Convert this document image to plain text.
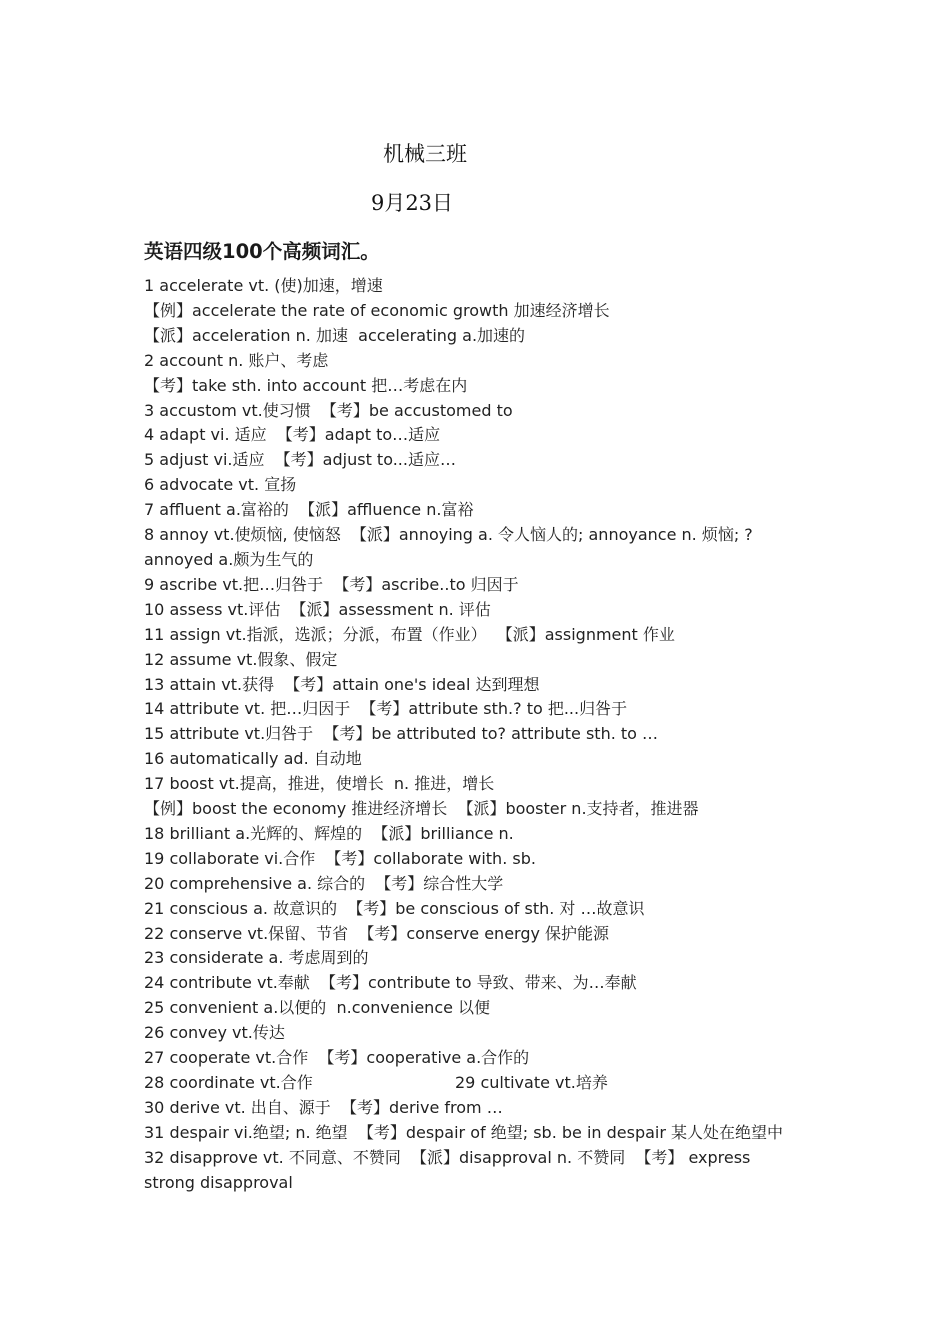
机械三班
9月23日
英语四级100个高频词汇。
1 accelerate vt. (使)加速，增速
【例】accelerate the rate of economic growth 加速经济增长
【派】acceleration n. 加速  accelerating a.加速的
2 account n. 账户、考虑
【考】take sth. into account 把…考虑在内
3 accustom vt.使习惯  【考】be accustomed to
4 adapt vi. 适应  【考】adapt to…适应
5 adjust vi.适应  【考】adjust to...适应…
6 advocate vt. 宣扬
7 affluent a.富裕的  【派】affluence n.富裕
8 annoy vt.使烦恼, 使恼怒  【派】annoying a. 令人恼人的; annoyance n. 烦恼; ? annoyed a.颇为生气的
9 ascribe vt.把…归咎于  【考】ascribe..to 归因于
10 assess vt.评估  【派】assessment n. 评估
11 assign vt.指派，选派；分派，布置（作业）  【派】assignment 作业
12 assume vt.假象、假定
13 attain vt.获得  【考】attain one's ideal 达到理想
14 attribute vt. 把…归因于  【考】attribute sth.? to 把...归咎于
15 attribute vt.归咎于  【考】be attributed to? attribute sth. to …
16 automatically ad. 自动地
17 boost vt.提高，推进，使增长  n. 推进，增长
【例】boost the economy 推进经济增长  【派】booster n.支持者，推进器
18 brilliant a.光辉的、辉煌的  【派】brilliance n.
19 collaborate vi.合作  【考】collaborate with. sb.
20 comprehensive a. 综合的  【考】综合性大学
21 conscious a. 故意识的  【考】be conscious of sth. 对 …故意识
22 conserve vt.保留、节省  【考】conserve energy 保护能源
23 considerate a. 考虑周到的
24 contribute vt.奉献  【考】contribute to 导致、带来、为…奉献
25 convenient a.以便的  n.convenience 以便
26 convey vt.传达
27 cooperate vt.合作  【考】cooperative a.合作的
28 coordinate vt.合作	29 cultivate vt.培养
30 derive vt. 出自、源于  【考】derive from …
31 despair vi.绝望; n. 绝望  【考】despair of 绝望; sb. be in despair 某人处在绝望中
32 disapprove vt. 不同意、不赞同  【派】disapproval n. 不赞同  【考】 express strong disapproval
